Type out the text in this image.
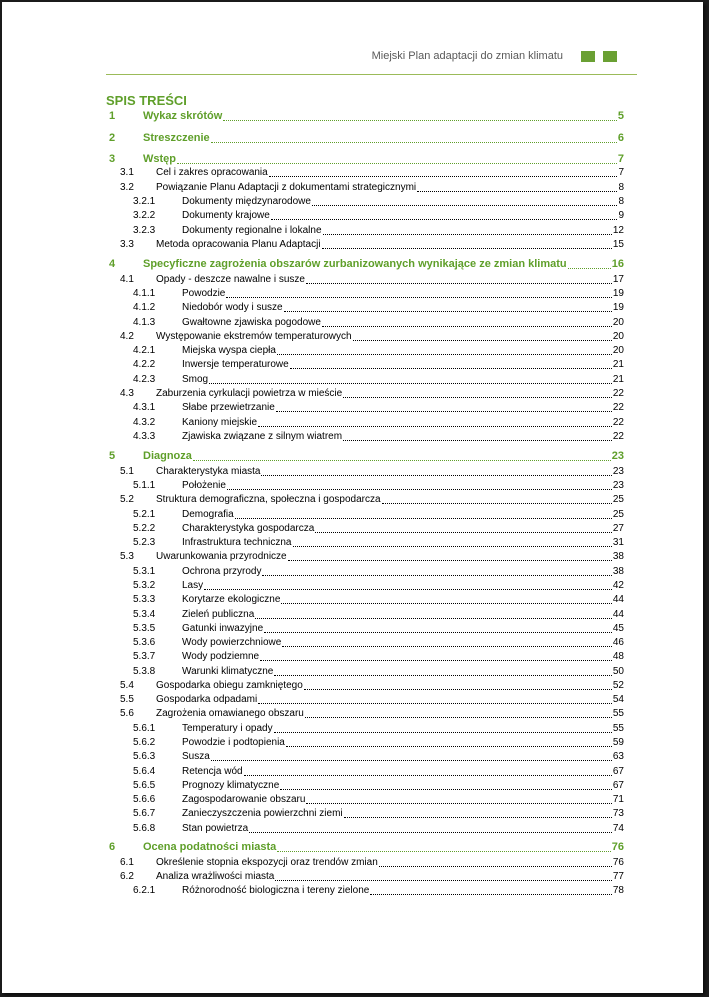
Miejski Plan adaptacji do zmian klimatu
SPIS TREŚCI
1	Wykaz skrótów	5
2	Streszczenie	6
3	Wstęp	7
3.1	Cel i zakres opracowania	7
3.2	Powiązanie Planu Adaptacji z dokumentami strategicznymi	8
3.2.1	Dokumenty międzynarodowe	8
3.2.2	Dokumenty krajowe	9
3.2.3	Dokumenty regionalne i lokalne	12
3.3	Metoda opracowania Planu Adaptacji	15
4	Specyficzne zagrożenia obszarów zurbanizowanych wynikające ze zmian klimatu	16
4.1	Opady - deszcze nawalne i susze	17
4.1.1	Powodzie	19
4.1.2	Niedobór wody i susze	19
4.1.3	Gwałtowne zjawiska pogodowe	20
4.2	Występowanie ekstremów temperaturowych	20
4.2.1	Miejska wyspa ciepła	20
4.2.2	Inwersje temperaturowe	21
4.2.3	Smog	21
4.3	Zaburzenia cyrkulacji powietrza w mieście	22
4.3.1	Słabe przewietrzanie	22
4.3.2	Kaniony miejskie	22
4.3.3	Zjawiska związane z silnym wiatrem	22
5	Diagnoza	23
5.1	Charakterystyka miasta	23
5.1.1	Położenie	23
5.2	Struktura demograficzna, społeczna i gospodarcza	25
5.2.1	Demografia	25
5.2.2	Charakterystyka gospodarcza	27
5.2.3	Infrastruktura techniczna	31
5.3	Uwarunkowania przyrodnicze	38
5.3.1	Ochrona przyrody	38
5.3.2	Lasy	42
5.3.3	Korytarze ekologiczne	44
5.3.4	Zieleń publiczna	44
5.3.5	Gatunki inwazyjne	45
5.3.6	Wody powierzchniowe	46
5.3.7	Wody podziemne	48
5.3.8	Warunki klimatyczne	50
5.4	Gospodarka obiegu zamkniętego	52
5.5	Gospodarka odpadami	54
5.6	Zagrożenia omawianego obszaru	55
5.6.1	Temperatury i opady	55
5.6.2	Powodzie i podtopienia	59
5.6.3	Susza	63
5.6.4	Retencja wód	67
5.6.5	Prognozy klimatyczne	67
5.6.6	Zagospodarowanie obszaru	71
5.6.7	Zanieczyszczenia powierzchni ziemi	73
5.6.8	Stan powietrza	74
6	Ocena podatności miasta	76
6.1	Określenie stopnia ekspozycji oraz trendów zmian	76
6.2	Analiza wrażliwości miasta	77
6.2.1	Różnorodność biologiczna i tereny zielone	78
